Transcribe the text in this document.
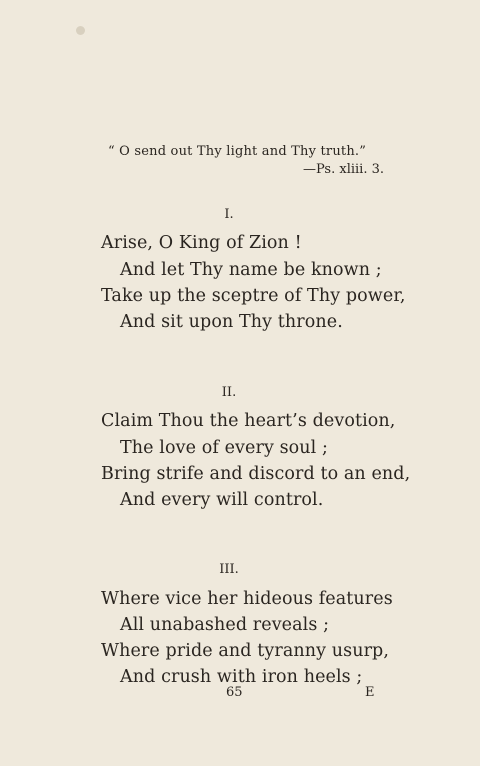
“ O send out Thy light and Thy truth.”
—Ps. xliii. 3.
I.
Arise, O King of Zion !
And let Thy name be known ;
Take up the sceptre of Thy power,
And sit upon Thy throne.
II.
Claim Thou the heart’s devotion,
The love of every soul ;
Bring strife and discord to an end,
And every will control.
III.
Where vice her hideous features
All unabashed reveals ;
Where pride and tyranny usurp,
And crush with iron heels ;
65	E
